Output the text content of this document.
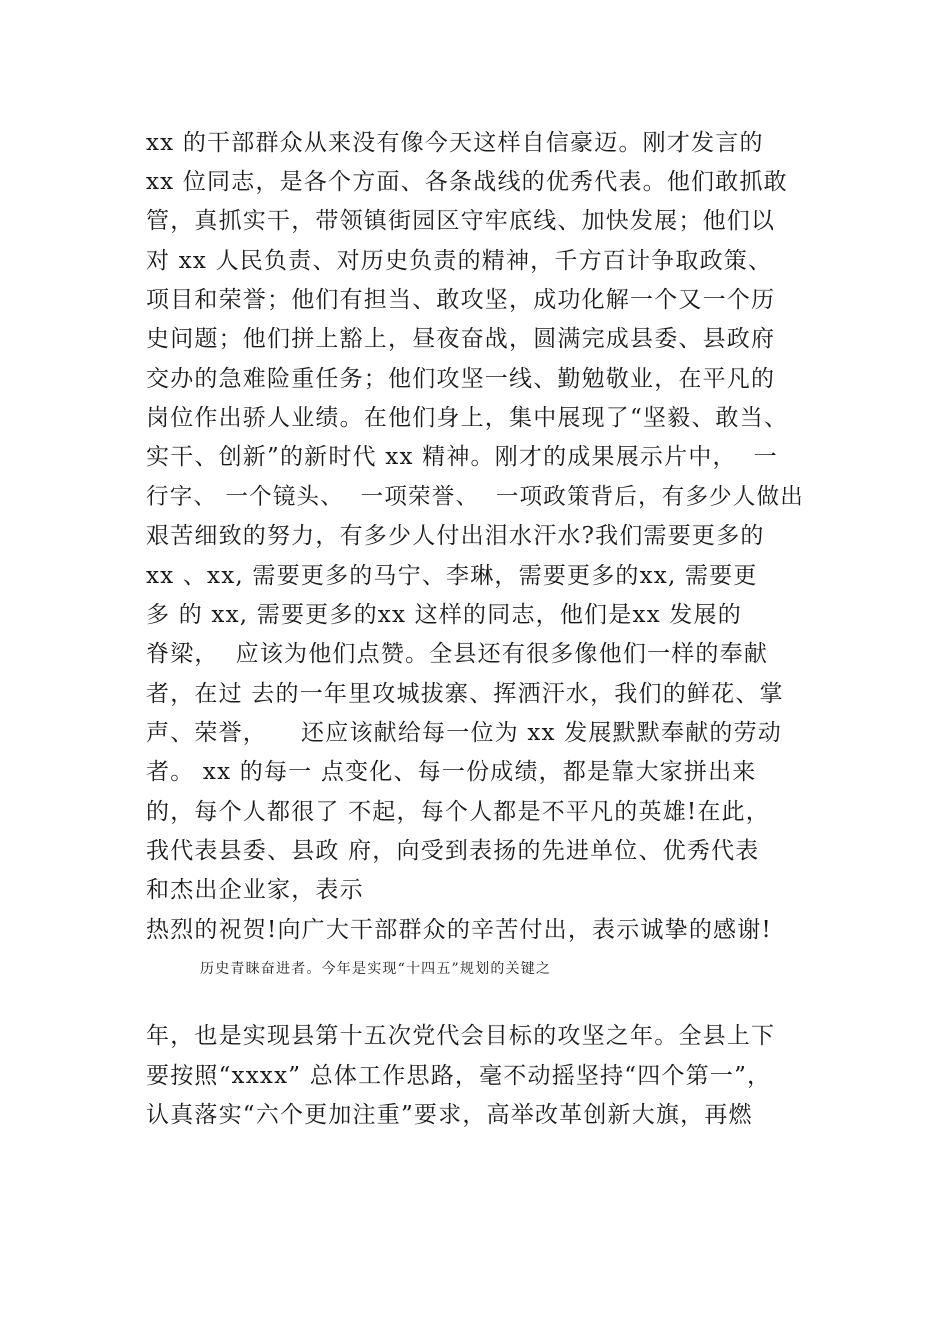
xx 的干部群众从来没有像今天这样自信豪迈。刚才发言的
xx 位同志，是各个方面、各条战线的优秀代表。他们敢抓敢
管，真抓实干，带领镇街园区守牢底线、加快发展；他们以
对 xx 人民负责、对历史负责的精神，千方百计争取政策、
项目和荣誉；他们有担当、敢攻坚，成功化解一个又一个历
史问题；他们拼上豁上，昼夜奋战，圆满完成县委、县政府
交办的急难险重任务；他们攻坚一线、勤勉敬业，在平凡的
岗位作出骄人业绩。在他们身上，集中展现了“坚毅、敢当、
实干、创新”的新时代 xx 精神。刚才的成果展示片中，  一
行字、 一个镜头、  一项荣誉、  一项政策背后，有多少人做出
艰苦细致的努力，有多少人付出泪水汗水?我们需要更多的
xx 、xx, 需要更多的马宁、李琳，需要更多的xx, 需要更
多 的 xx, 需要更多的xx 这样的同志，他们是xx 发展的
脊梁，  应该为他们点赞。全县还有很多像他们一样的奉献
者，在过 去的一年里攻城拔寨、挥洒汗水，我们的鲜花、掌
声、荣誉，    还应该献给每一位为 xx 发展默默奉献的劳动
者。 xx 的每一 点变化、每一份成绩，都是靠大家拼出来
的，每个人都很了 不起，每个人都是不平凡的英雄!在此，
我代表县委、县政 府，向受到表扬的先进单位、优秀代表
和杰出企业家，表示
热烈的祝贺!向广大干部群众的辛苦付出，表示诚挚的感谢!
历史青睐奋进者。今年是实现“十四五”规划的关键之
年，也是实现县第十五次党代会目标的攻坚之年。全县上下
要按照“xxxx” 总体工作思路，毫不动摇坚持“四个第一”，
认真落实“六个更加注重”要求，高举改革创新大旗，再燃
